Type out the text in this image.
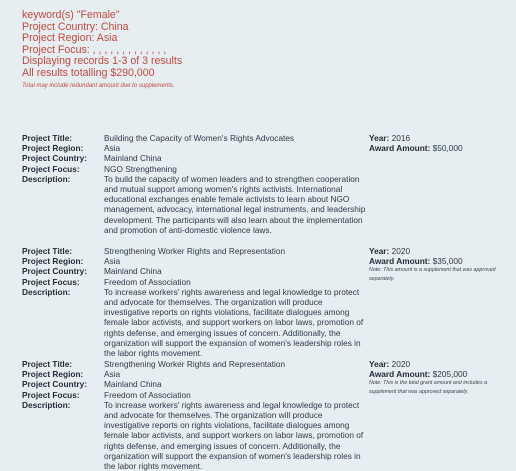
keyword(s) "Female"
Project Country: China
Project Region: Asia
Project Focus: , , , , , , , , , , , , ,
Displaying records 1-3 of 3 results
All results totalling $290,000
Total may include redundant amount due to supplements.
Project Title:
Project Region:
Project Country:
Project Focus:
Description:
Building the Capacity of Women's Rights Advocates
Asia
Mainland China
NGO Strengthening
To build the capacity of women leaders and to strengthen cooperation and mutual support among women's rights activists. International educational exchanges enable female activists to learn about NGO management, advocacy, international legal instruments, and leadership development. The participants will also learn about the implementation and promotion of anti-domestic violence laws.
Year: 2016
Award Amount: $50,000
Project Title:
Project Region:
Project Country:
Project Focus:
Description:
Strengthening Worker Rights and Representation
Asia
Mainland China
Freedom of Association
To increase workers' rights awareness and legal knowledge to protect and advocate for themselves. The organization will produce investigative reports on rights violations, facilitate dialogues among female labor activists, and support workers on labor laws, promotion of rights defense, and emerging issues of concern. Additionally, the organization will support the expansion of women's leadership roles in the labor rights movement.
Year: 2020
Award Amount: $35,000
Note: This amount is a supplement that was approved separately.
Project Title:
Project Region:
Project Country:
Project Focus:
Description:
Strengthening Worker Rights and Representation
Asia
Mainland China
Freedom of Association
To increase workers' rights awareness and legal knowledge to protect and advocate for themselves. The organization will produce investigative reports on rights violations, facilitate dialogues among female labor activists, and support workers on labor laws, promotion of rights defense, and emerging issues of concern. Additionally, the organization will support the expansion of women's leadership roles in the labor rights movement.
Year: 2020
Award Amount: $205,000
Note: This is the total grant amount and includes a supplement that was approved separately.
